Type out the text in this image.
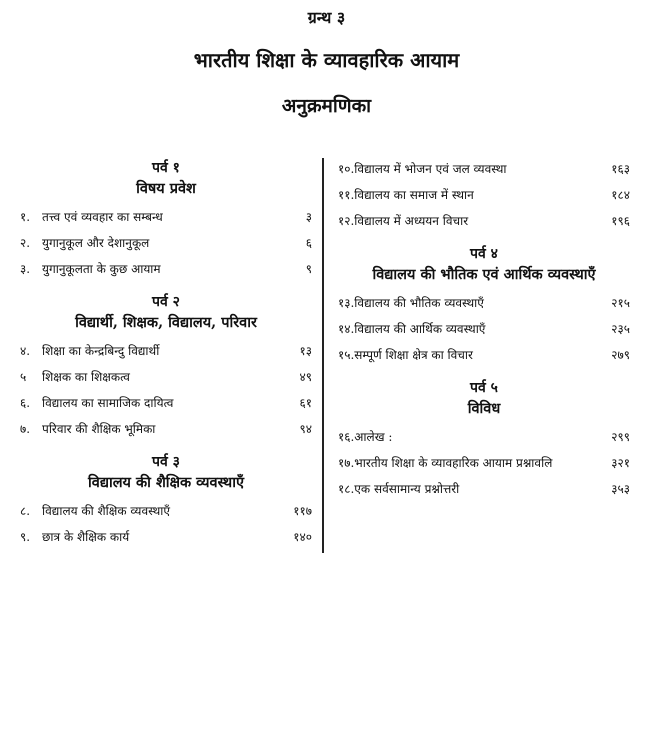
ग्रन्थ ३
भारतीय शिक्षा के व्यावहारिक आयाम
अनुक्रमणिका
पर्व १
विषय प्रवेश
१. तत्त्व एवं व्यवहार का सम्बन्ध	३
२. युगानुकूल और देशानुकूल	६
३. युगानुकूलता के कुछ आयाम	९
पर्व २
विद्यार्थी, शिक्षक, विद्यालय, परिवार
४. शिक्षा का केन्द्रबिन्दु विद्यार्थी	१३
५	शिक्षक का शिक्षकत्व	४९
६. विद्यालय का सामाजिक दायित्व	६१
७. परिवार की शैक्षिक भूमिका	९४
पर्व ३
विद्यालय की शैक्षिक व्यवस्थाएँ
८. विद्यालय की शैक्षिक व्यवस्थाएँ	११७
९. छात्र के शैक्षिक कार्य	१४०
१०. विद्यालय में भोजन एवं जल व्यवस्था	१६३
११. विद्यालय का समाज में स्थान	१८४
१२. विद्यालय में अध्ययन विचार	१९६
पर्व ४
विद्यालय की भौतिक एवं आर्थिक व्यवस्थाएँ
१३. विद्यालय की भौतिक व्यवस्थाएँ	२१५
१४. विद्यालय की आर्थिक व्यवस्थाएँ	२३५
१५. सम्पूर्ण शिक्षा क्षेत्र का विचार	२७९
पर्व ५
विविध
१६. आलेख :	२९९
१७. भारतीय शिक्षा के व्यावहारिक आयाम प्रश्नावलि	३२१
१८. एक सर्वसामान्य प्रश्नोत्तरी	३५३
